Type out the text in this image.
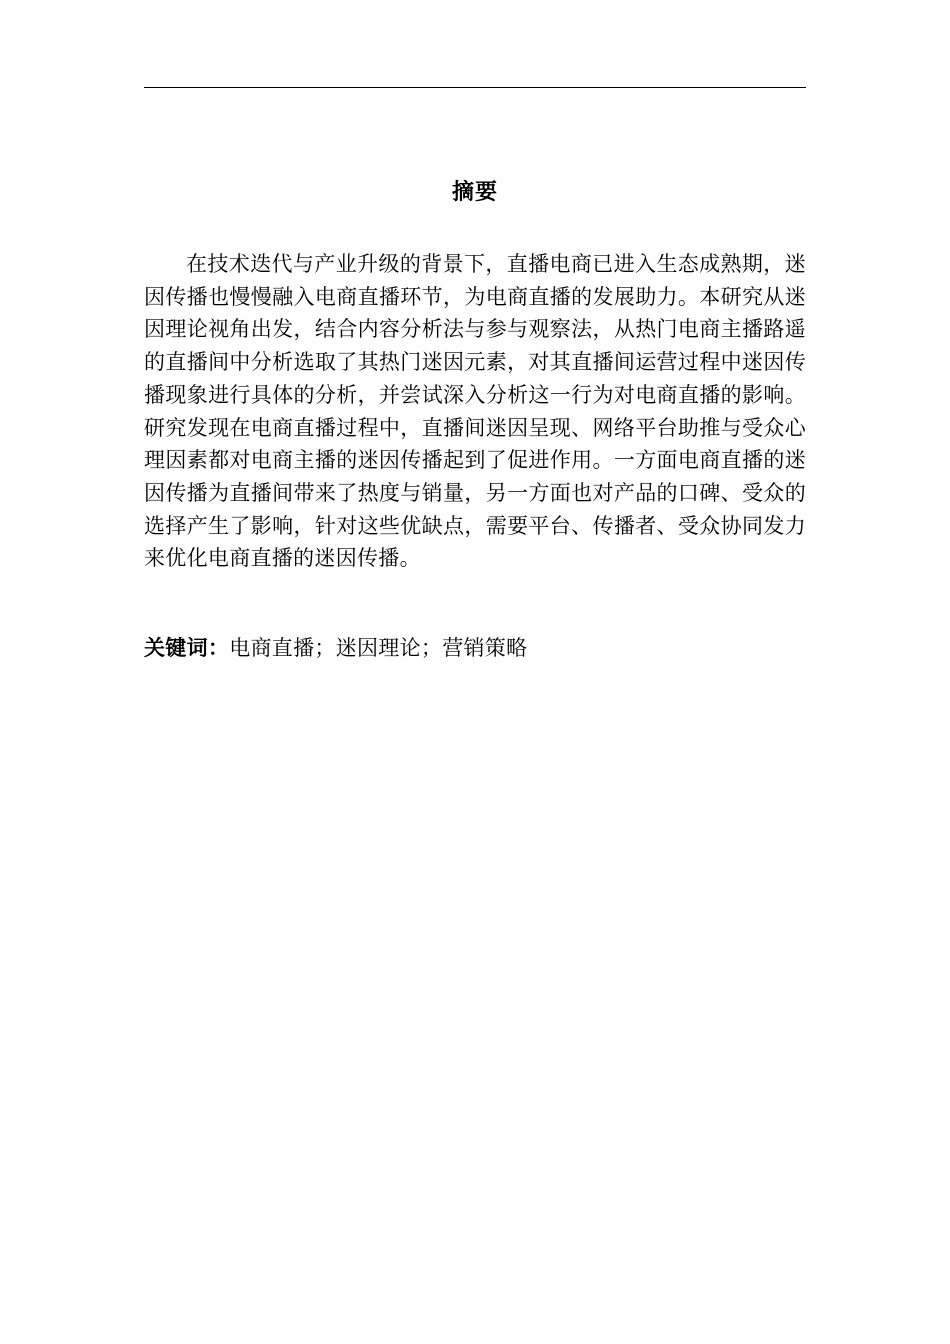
摘要

在技术迭代与产业升级的背景下，直播电商已进入生态成熟期，迷因传播也慢慢融入电商直播环节，为电商直播的发展助力。本研究从迷因理论视角出发，结合内容分析法与参与观察法，从热门电商主播路遥的直播间中分析选取了其热门迷因元素，对其直播间运营过程中迷因传播现象进行具体的分析，并尝试深入分析这一行为对电商直播的影响。研究发现在电商直播过程中，直播间迷因呈现、网络平台助推与受众心理因素都对电商主播的迷因传播起到了促进作用。一方面电商直播的迷因传播为直播间带来了热度与销量，另一方面也对产品的口碑、受众的选择产生了影响，针对这些优缺点，需要平台、传播者、受众协同发力来优化电商直播的迷因传播。

关键词：电商直播；迷因理论；营销策略
